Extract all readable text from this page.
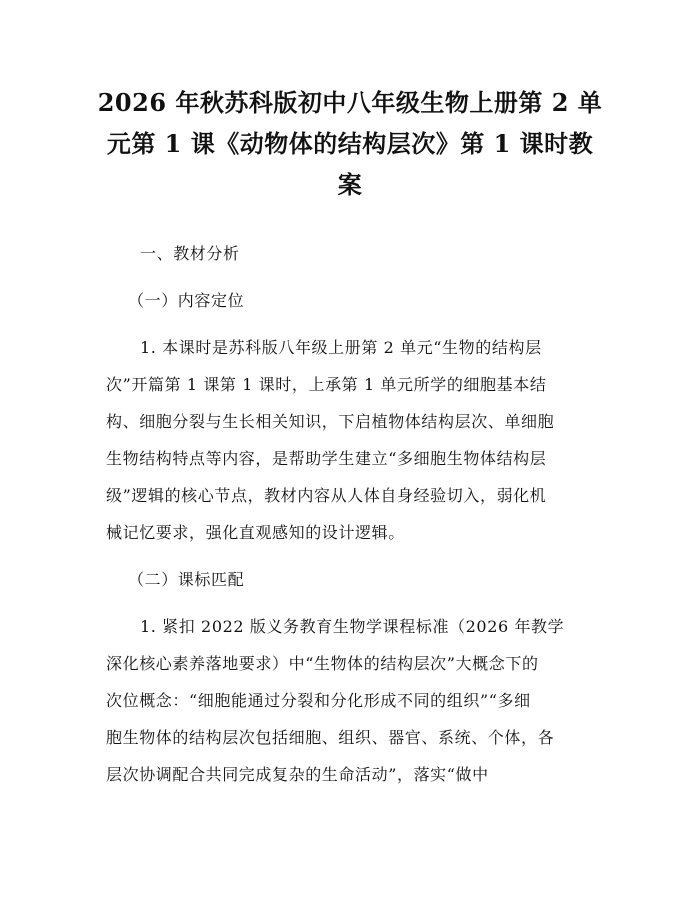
2026 年秋苏科版初中八年级生物上册第 2 单
元第 1 课《动物体的结构层次》第 1 课时教
案
一、教材分析
（一）内容定位
1. 本课时是苏科版八年级上册第 2 单元“生物的结构层
次”开篇第 1 课第 1 课时，上承第 1 单元所学的细胞基本结
构、细胞分裂与生长相关知识，下启植物体结构层次、单细胞
生物结构特点等内容，是帮助学生建立“多细胞生物体结构层
级”逻辑的核心节点，教材内容从人体自身经验切入，弱化机
械记忆要求，强化直观感知的设计逻辑。
（二）课标匹配
1. 紧扣 2022 版义务教育生物学课程标准（2026 年教学
深化核心素养落地要求）中“生物体的结构层次”大概念下的
次位概念：“细胞能通过分裂和分化形成不同的组织”“多细
胞生物体的结构层次包括细胞、组织、器官、系统、个体，各
层次协调配合共同完成复杂的生命活动”，落实“做中
